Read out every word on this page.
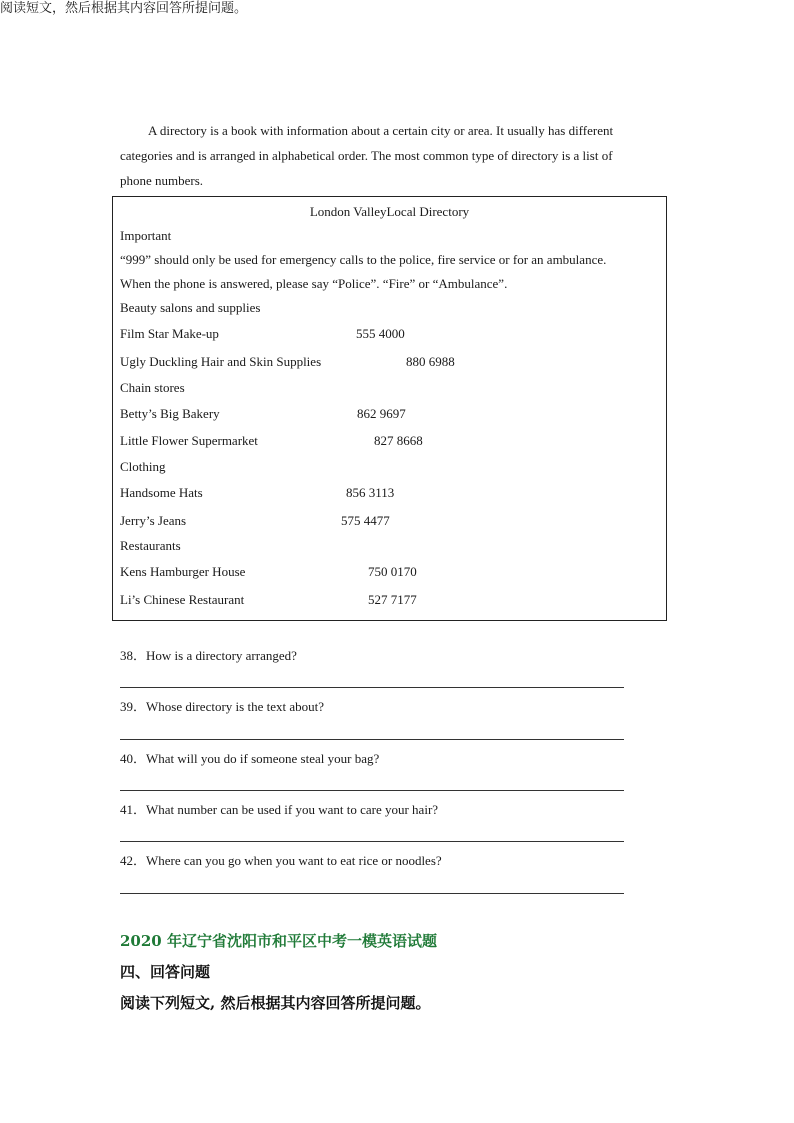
阅读短文，然后根据其内容回答所提问题。
A directory is a book with information about a certain city or area. It usually has different
categories and is arranged in alphabetical order. The most common type of directory is a list of
phone numbers.
London ValleyLocal Directory
Important
“999” should only be used for emergency calls to the police, fire service or for an ambulance.
When the phone is answered, please say “Police”. “Fire” or “Ambulance”.
Beauty salons and supplies
Film Star Make-up	555 4000
Ugly Duckling Hair and Skin Supplies	880 6988
Chain stores
Betty’s Big Bakery	862 9697
Little Flower Supermarket	827 8668
Clothing
Handsome Hats	856 3113
Jerry’s Jeans	575 4477
Restaurants
Kens Hamburger House	750 0170
Li’s Chinese Restaurant	527 7177
38．How is a directory arranged?
39．Whose directory is the text about?
40．What will you do if someone steal your bag?
41．What number can be used if you want to care your hair?
42．Where can you go when you want to eat rice or noodles?
2020 年辽宁省沈阳市和平区中考一模英语试题
四、回答问题
阅读下列短文, 然后根据其内容回答所提问题。
